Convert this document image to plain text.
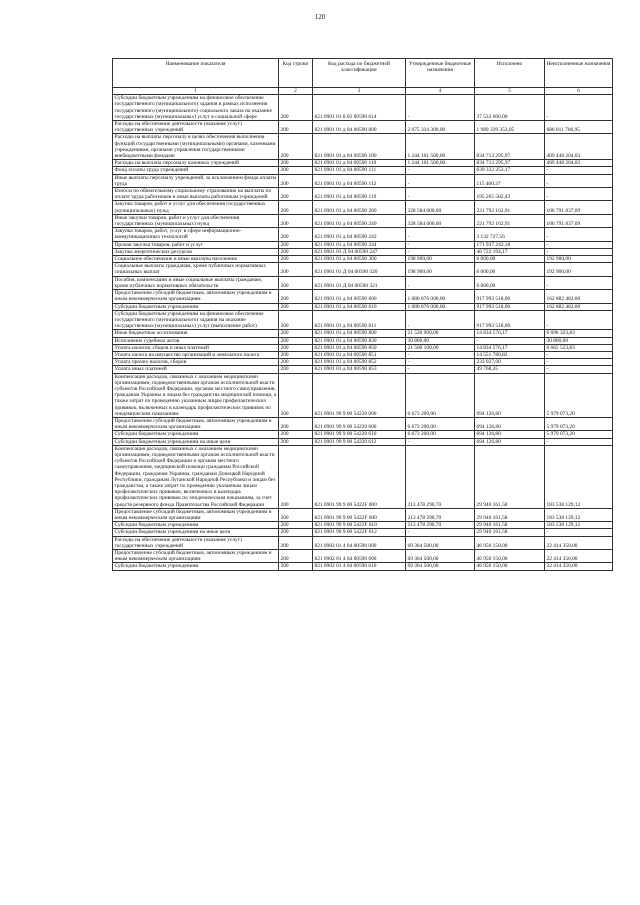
120
Наименование показателя	Код строки	Код расхода по бюджетной классификации	Утвержденные бюджетные назначения	Исполнено	Неисполненные назначения
1	2	3	4	5	6
Субсидии бюджетным учреждениям на финансовое обеспечение государственного (муниципального) задания в рамках исполнения государственного (муниципального) социального заказа на оказание государственных (муниципальных) услуг в социальной сфере	200	821 0901 01 6 02 00590 614	-	37 533 600,00	-
Расходы на обеспечение деятельности (оказание услуг) государственных учреждений	200	821 0901 01 д 04 00590 000	2 675 334 300,00	1 989 339 353,05	686 011 706,95
Расходы на выплаты персоналу в целях обеспечения выполнения функций государственными (муниципальными) органами, казенными учреждениями, органами управления государственными внебюджетными фондами	200	821 0901 01 д 04 00590 100	1 244 161 500,00	834 713 295,97	409 448 204,03
Расходы на выплаты персоналу казенных учреждений	200	821 0901 01 д 04 00590 110	1 244 161 500,00	834 713 295,97	409 448 204,03
Фонд оплаты труда учреждений	200	821 0901 01 д 04 00590 111	-	639 332 253,17	-
Иные выплаты персоналу учреждений, за исключением фонда оплаты труда	200	821 0901 01 д 04 00590 112	-	115 460,37	-
Взносы по обязательному социальному страхованию на выплаты по оплате труда работников и иные выплаты работникам учреждений	200	821 0901 01 д 04 00590 119	-	195 265 582,43	-
Закупка товаров, работ и услуг для обеспечения государственных (муниципальных) нужд	200	821 0901 01 д 04 00590 200	328 584 000,00	221 792 162,91	106 791 837,09
Иные закупки товаров, работ и услуг для обеспечения государственных (муниципальных) нужд	200	821 0901 01 д 04 00590 240	328 584 000,00	221 792 162,91	106 791 837,09
Закупка товаров, работ, услуг в сфере информационно-коммуникационных технологий	200	821 0901 01 д 04 00590 242	-	3 132 727,56	-
Прочая закупка товаров, работ и услуг	200	821 0901 01 д 04 00590 244	-	171 937 243,18	-
Закупка энергетических ресурсов	200	821 0901 01 Д 04 00590 247	-	46 722 194,17	-
Социальное обеспечение и иные выплаты населению	200	821 0901 01 д 04 00590 300	198 900,00	6 000,00	192 900,00
Социальные выплаты гражданам, кроме публичных нормативных социальных выплат	200	821 0901 01 Д 04 00590 320	198 900,00	6 000,00	192 900,00
Пособия, компенсации и иные социальные выплаты гражданам, кроме публичных нормативных обязательств	200	821 0901 01 Д 04 00590 321	-	6 000,00	-
Предоставление субсидий бюджетным, автономным учреждениям и иным некоммерческим организациям	200	821 0901 01 д 04 00590 600	1 080 876 000,00	917 993 518,00	162 882 482,00
Субсидии бюджетным учреждениям	200	821 0901 01 д 04 00590 610	1 080 876 000,00	917 993 518,00	162 882 482,00
Субсидии бюджетным учреждениям на финансовое обеспечение государственного (муниципального) задания на оказание государственных (муниципальных) услуг (выполнение работ)	200	821 0901 01 д 04 00590 611	-	917 993 518,00	-
Иные бюджетные ассигнования	200	821 0901 01 д 04 00590 800	21 530 900,00	14 834 576,17	6 696 323,83
Исполнение судебных актов	200	821 0901 01 д 04 00590 830	30 800,00	-	30 800,00
Уплата налогов, сборов и иных платежей	200	821 0901 01 д 04 00590 850	21 500 100,00	14 834 576,17	6 665 523,83
Уплата налога на имущество организаций и земельного налога	200	821 0901 01 д 04 00590 851	-	14 551 780,82	-
Уплата прочих налогов, сборов	200	821 0901 01 д 04 00590 852	-	233 027,00	-
Уплата иных платежей	200	821 0901 01 д 04 00590 853	-	49 768,35	-
Компенсация расходов, связанных с оказанием медицинскими организациями, подведомственными органам исполнительной власти субъектов Российской Федерации, органам местного самоуправления, гражданам Украины и лицам без гражданства медицинской помощи, а также затрат по проведению указанным лицам профилактических прививок, включенных в календарь профилактических прививок по эпидемическим показаниям	200	821 0901 99 9 00 54220 000	6 673 200,00	694 126,80	5 979 073,20
Предоставление субсидий бюджетным, автономным учреждениям и иным некоммерческим организациям	200	821 0901 99 9 00 54220 600	6 673 200,00	694 126,80	5 979 073,20
Субсидии бюджетным учреждениям	200	821 0901 99 9 00 54220 610	6 673 200,00	694 126,80	5 979 073,20
Субсидии бюджетным учреждениям на иные цели	200	821 0901 99 9 00 54220 612	-	694 126,80	-
Компенсация расходов, связанных с оказанием медицинскими организациями, подведомственными органам исполнительной власти субъектов Российской Федерации и органам местного самоуправления, медицинской помощи гражданам Российской Федерации, гражданам Украины, гражданам Донецкой Народной Республики, гражданам Луганской Народной Республики и лицам без гражданства, а также затрат по проведению указанным лицам профилактических прививок, включенных в календарь профилактических прививок по эпидемическим показаниям, за счет средств резервного фонда Правительства Российской Федерации	200	821 0901 99 9 00 5422F 000	213 478 290,70	29 940 161,58	183 538 129,12
Предоставление субсидий бюджетным, автономным учреждениям и иным некоммерческим организациям	200	821 0901 99 9 00 5422F 600	213 478 290,70	29 940 161,58	183 538 129,12
Субсидии бюджетным учреждениям	200	821 0901 99 9 00 5422F 610	213 478 290,70	29 940 161,58	183 538 129,12
Субсидии бюджетным учреждениям на иные цели	200	821 0901 99 9 00 5422F 612	-	29 940 161,58	-
Расходы на обеспечение деятельности (оказание услуг) государственных учреждений	200	821 0902 01 4 04 00590 000	69 364 500,00	46 950 150,00	22 414 350,00
Предоставление субсидий бюджетным, автономным учреждениям и иным некоммерческим организациям	200	821 0902 01 4 04 00590 600	69 364 500,00	46 950 150,00	22 414 350,00
Субсидии бюджетным учреждениям	200	821 0902 01 4 04 00590 610	69 364 500,00	46 950 150,00	22 414 350,00
